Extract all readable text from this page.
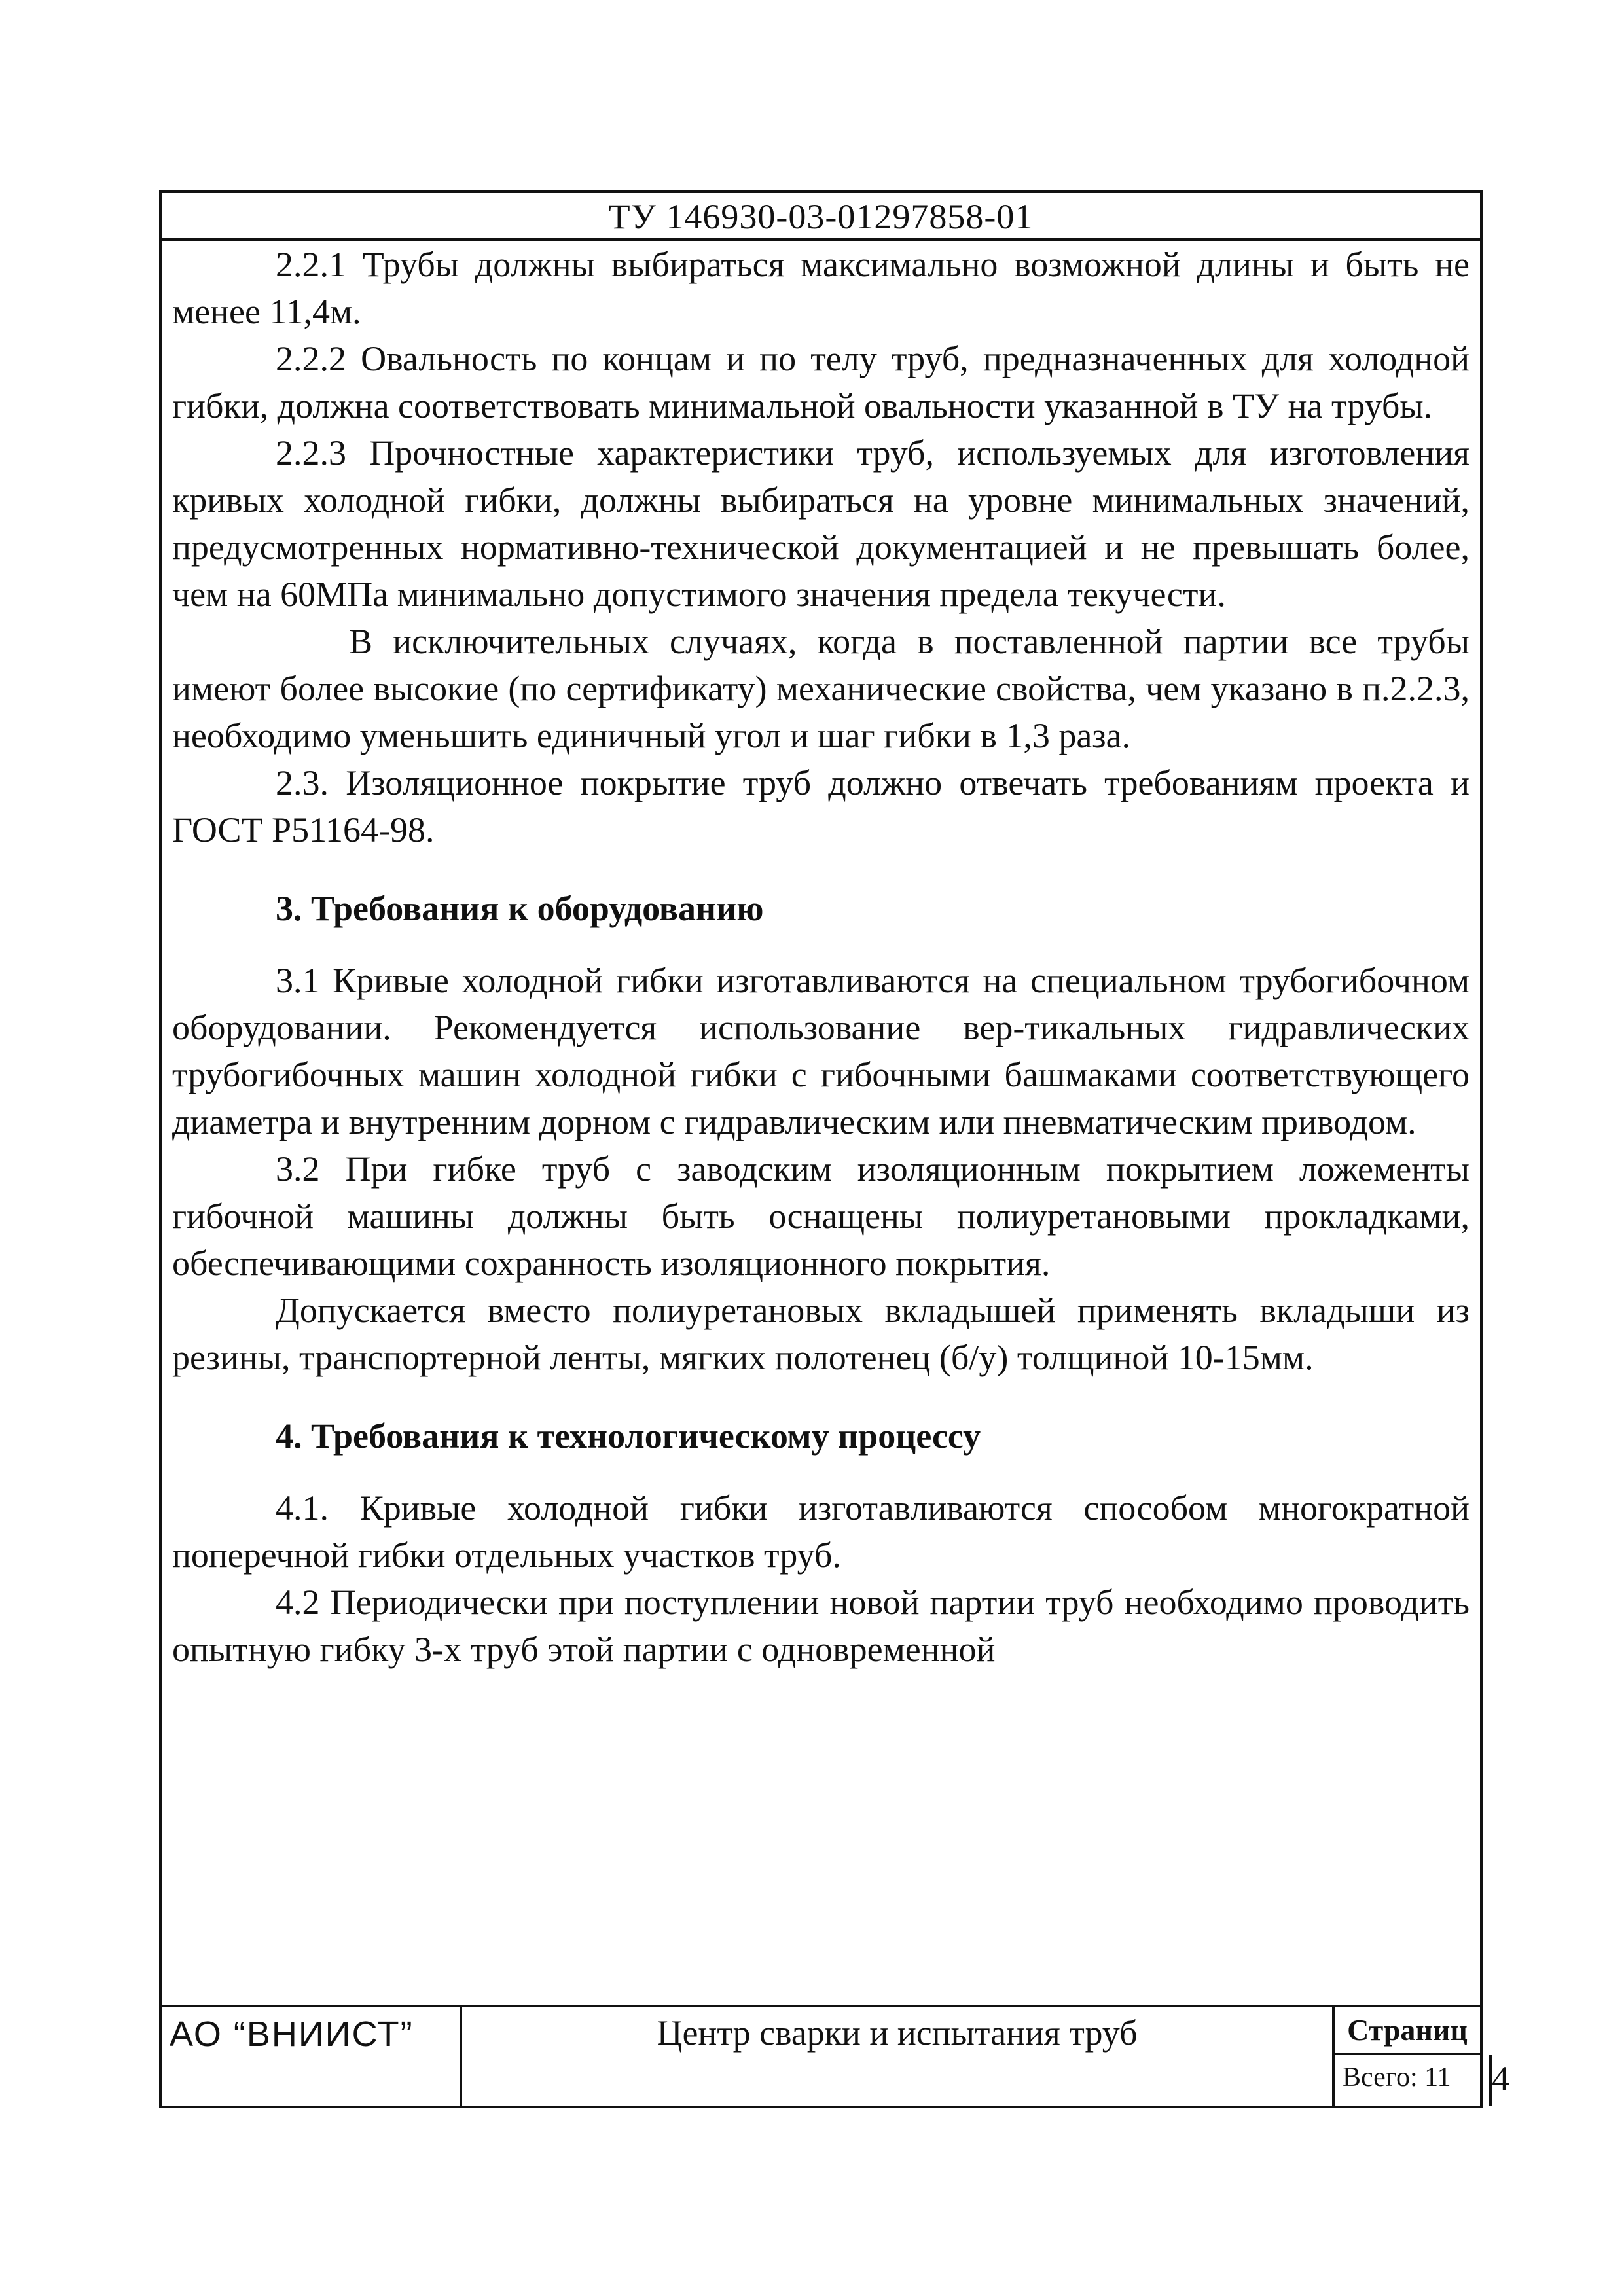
ТУ 146930-03-01297858-01

2.2.1 Трубы должны выбираться максимально возможной длины и быть не менее 11,4м.

2.2.2 Овальность по концам и по телу труб, предназначенных для холодной гибки, должна соответствовать минимальной овальности указанной в ТУ на трубы.

2.2.3 Прочностные характеристики труб, используемых для изготовления кривых холодной гибки, должны выбираться на уровне минимальных значений, предусмотренных нормативно-технической документацией и не превышать более, чем на 60МПа минимально допустимого значения предела текучести.

В исключительных случаях, когда в поставленной партии все трубы имеют более высокие (по сертификату) механические свойства, чем указано в п.2.2.3, необходимо уменьшить единичный угол и шаг гибки в 1,3 раза.

2.3. Изоляционное покрытие труб должно отвечать требованиям проекта и ГОСТ Р51164-98.

3. Требования к оборудованию

3.1 Кривые холодной гибки изготавливаются на специальном трубогибочном оборудовании. Рекомендуется использование вер-тикальных гидравлических трубогибочных машин холодной гибки с гибочными башмаками соответствующего диаметра и внутренним дорном с гидравлическим или пневматическим приводом.

3.2 При гибке труб с заводским изоляционным покрытием ложементы гибочной машины должны быть оснащены полиуретановыми прокладками, обеспечивающими сохранность изоляционного покрытия.

Допускается вместо полиуретановых вкладышей применять вкладыши из резины, транспортерной ленты, мягких полотенец (б/у) толщиной 10-15мм.

4. Требования к технологическому процессу

4.1. Кривые холодной гибки изготавливаются способом многократной поперечной гибки отдельных участков труб.

4.2 Периодически при поступлении новой партии труб необходимо проводить опытную гибку 3-х труб этой партии с одновременной

АО “ВНИИСТ”	Центр сварки и испытания труб	Страниц
Всего: 11	4
